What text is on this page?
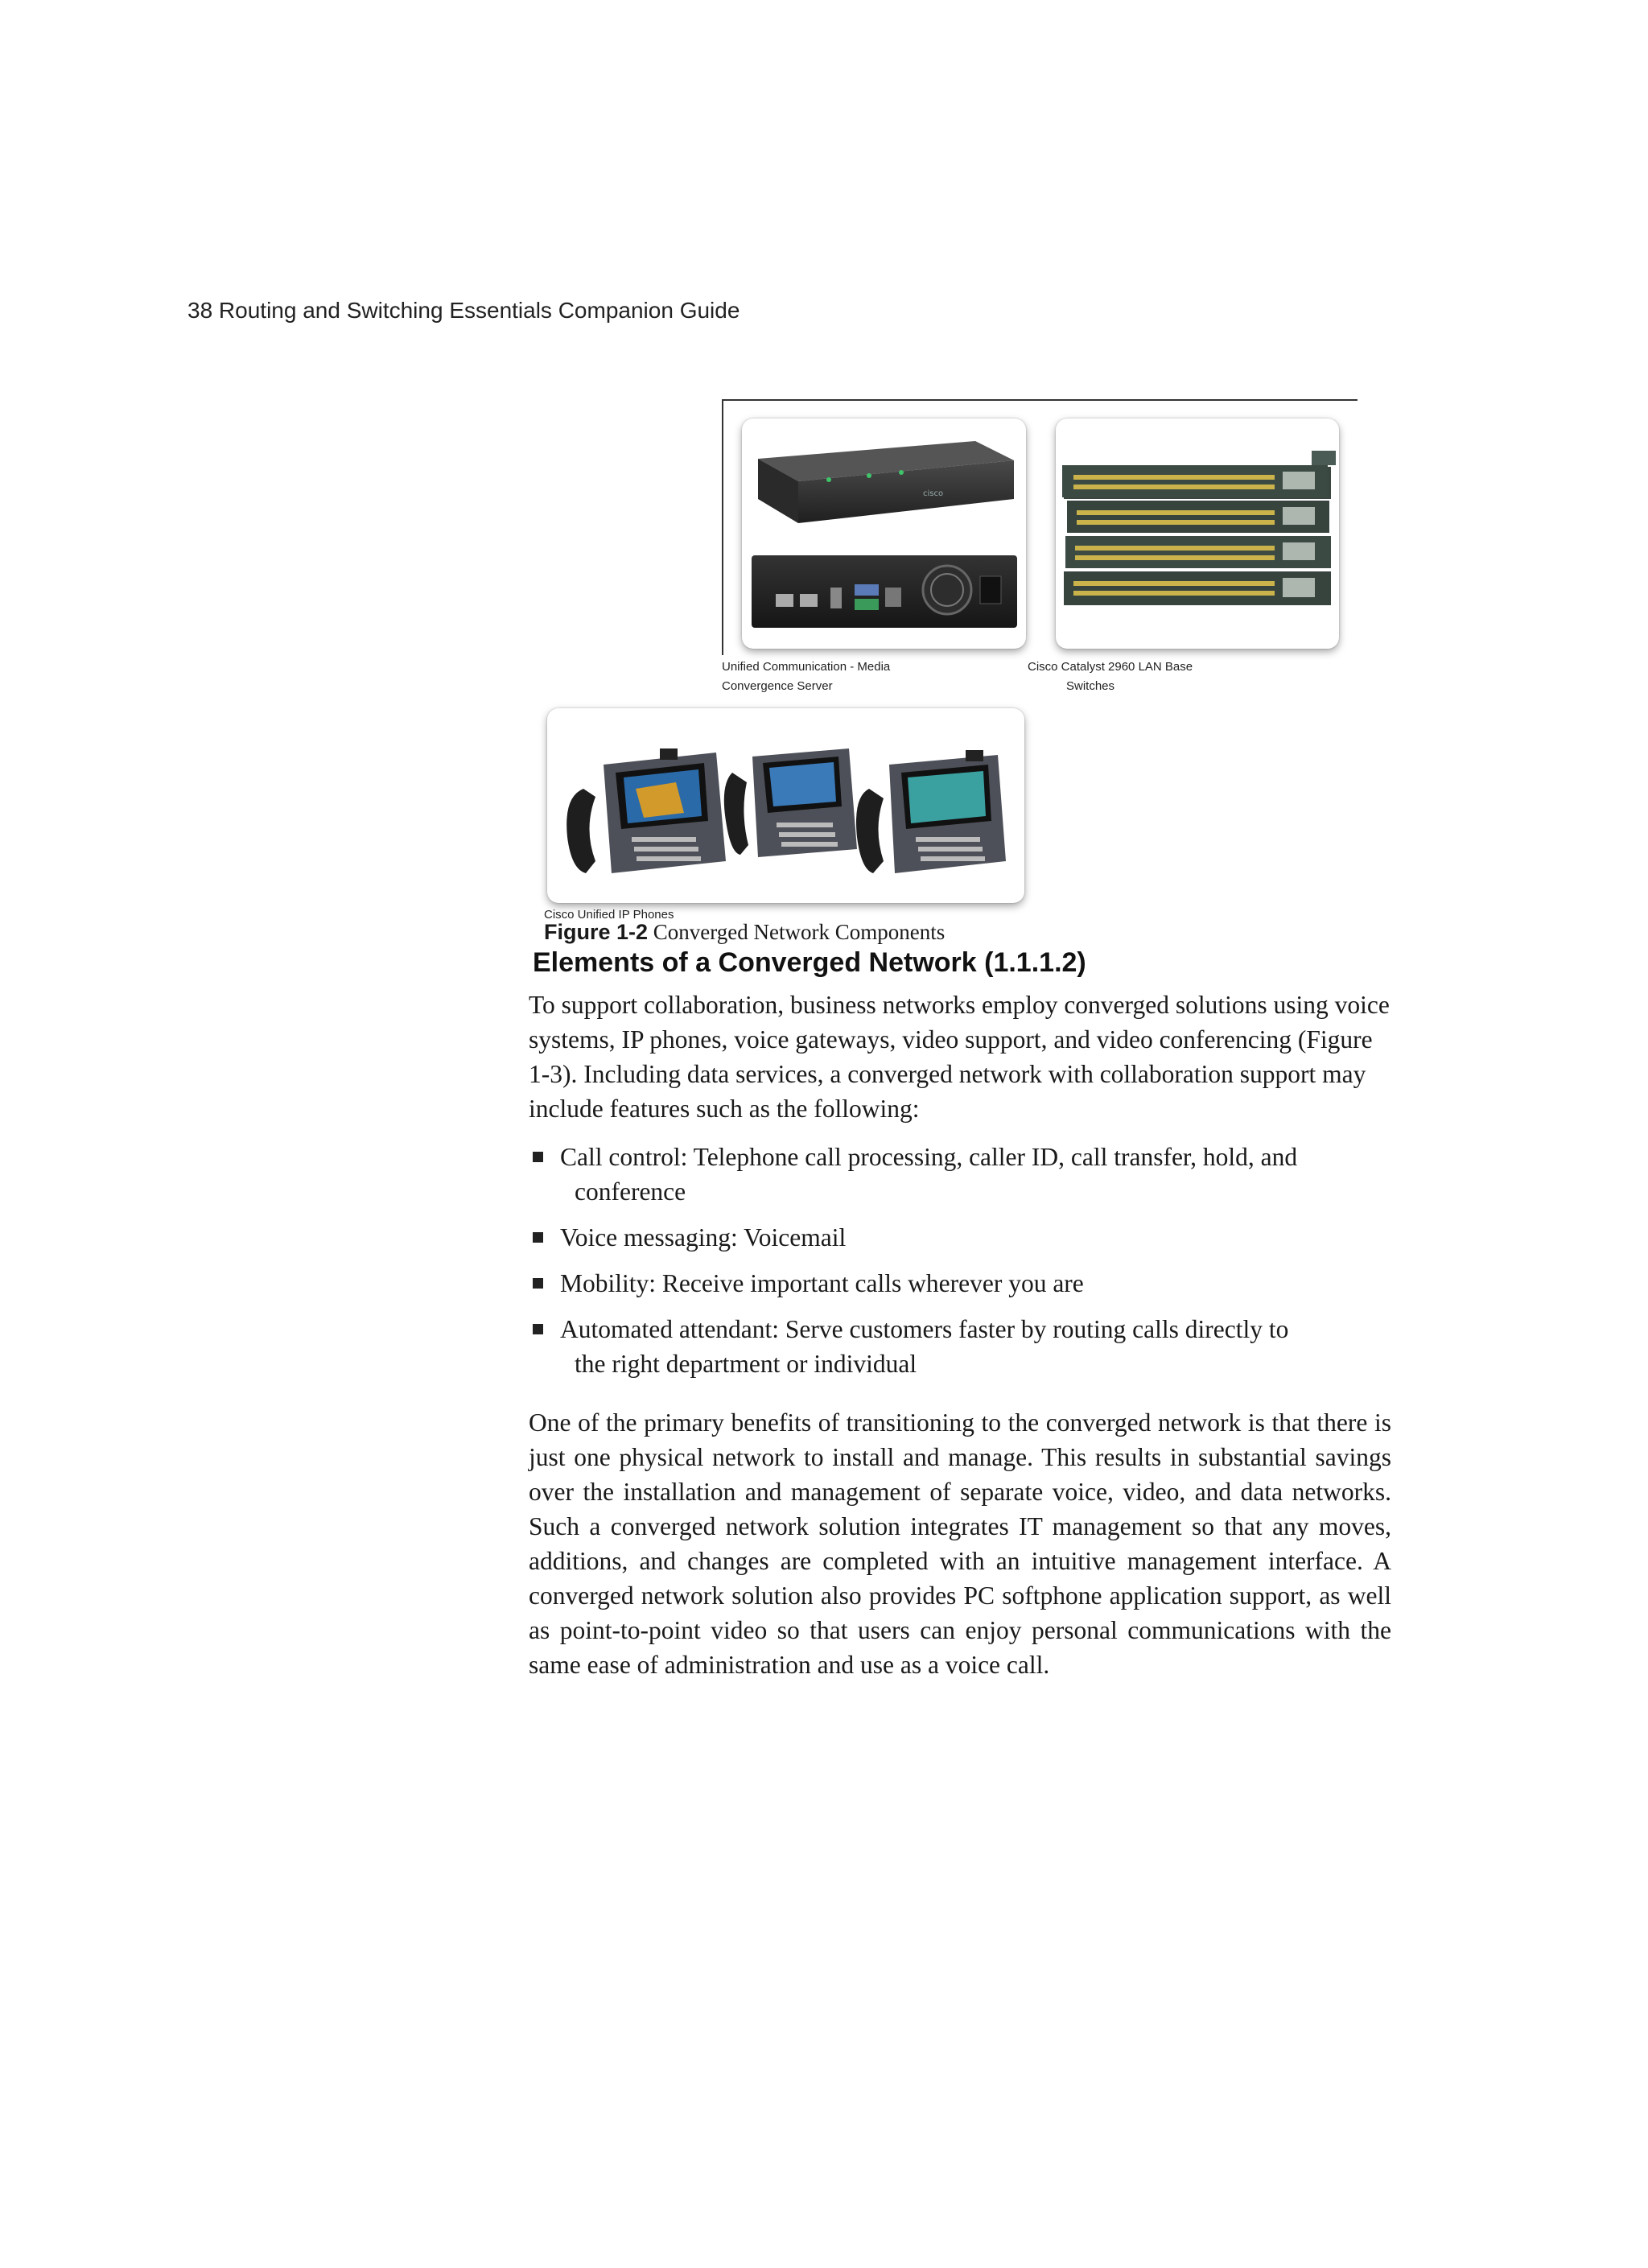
38 Routing and Switching Essentials Companion Guide
cisco
Unified Communication - Media
Convergence Server
Cisco Catalyst 2960 LAN Base
Switches
Cisco Unified IP Phones
Figure 1-2 Converged Network Components
Elements of a Converged Network (1.1.1.2)
To support collaboration, business networks employ converged solutions using voice systems, IP phones, voice gateways, video support, and video conferencing (Figure 1-3). Including data services, a converged network with collaboration support may include features such as the following:
Call control: Telephone call processing, caller ID, call transfer, hold, and
conference
Voice messaging: Voicemail
Mobility: Receive important calls wherever you are
Automated attendant: Serve customers faster by routing calls directly to
the right department or individual
One of the primary benefits of transitioning to the converged network is that there is just one physical network to install and manage. This results in substantial savings over the installation and management of separate voice, video, and data networks. Such a converged network solution integrates IT management so that any moves, additions, and changes are completed with an intuitive management interface. A converged network solution also provides PC softphone application support, as well as point-to-point video so that users can enjoy personal communications with the same ease of administration and use as a voice call.
